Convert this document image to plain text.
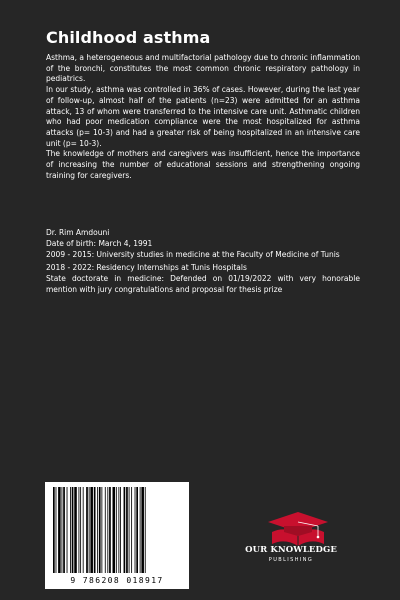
Childhood asthma

Asthma, a heterogeneous and multifactorial pathology due to chronic inflammation of the bronchi, constitutes the most common chronic respiratory pathology in pediatrics.

In our study, asthma was controlled in 36% of cases. However, during the last year of follow-up, almost half of the patients (n=23) were admitted for an asthma attack, 13 of whom were transferred to the intensive care unit. Asthmatic children who had poor medication compliance were the most hospitalized for asthma attacks (p= 10-3) and had a greater risk of being hospitalized in an intensive care unit (p= 10-3).

The knowledge of mothers and caregivers was insufficient, hence the importance of increasing the number of educational sessions and strengthening ongoing training for caregivers.

Dr. Rim Amdouni

Date of birth: March 4, 1991

2009 - 2015: University studies in medicine at the Faculty of Medicine of Tunis

2018 - 2022: Residency Internships at Tunis Hospitals

State doctorate in medicine: Defended on 01/19/2022 with very honorable mention with jury congratulations and proposal for thesis prize

9 786208 018917
OUR KNOWLEDGE
PUBLISHING
